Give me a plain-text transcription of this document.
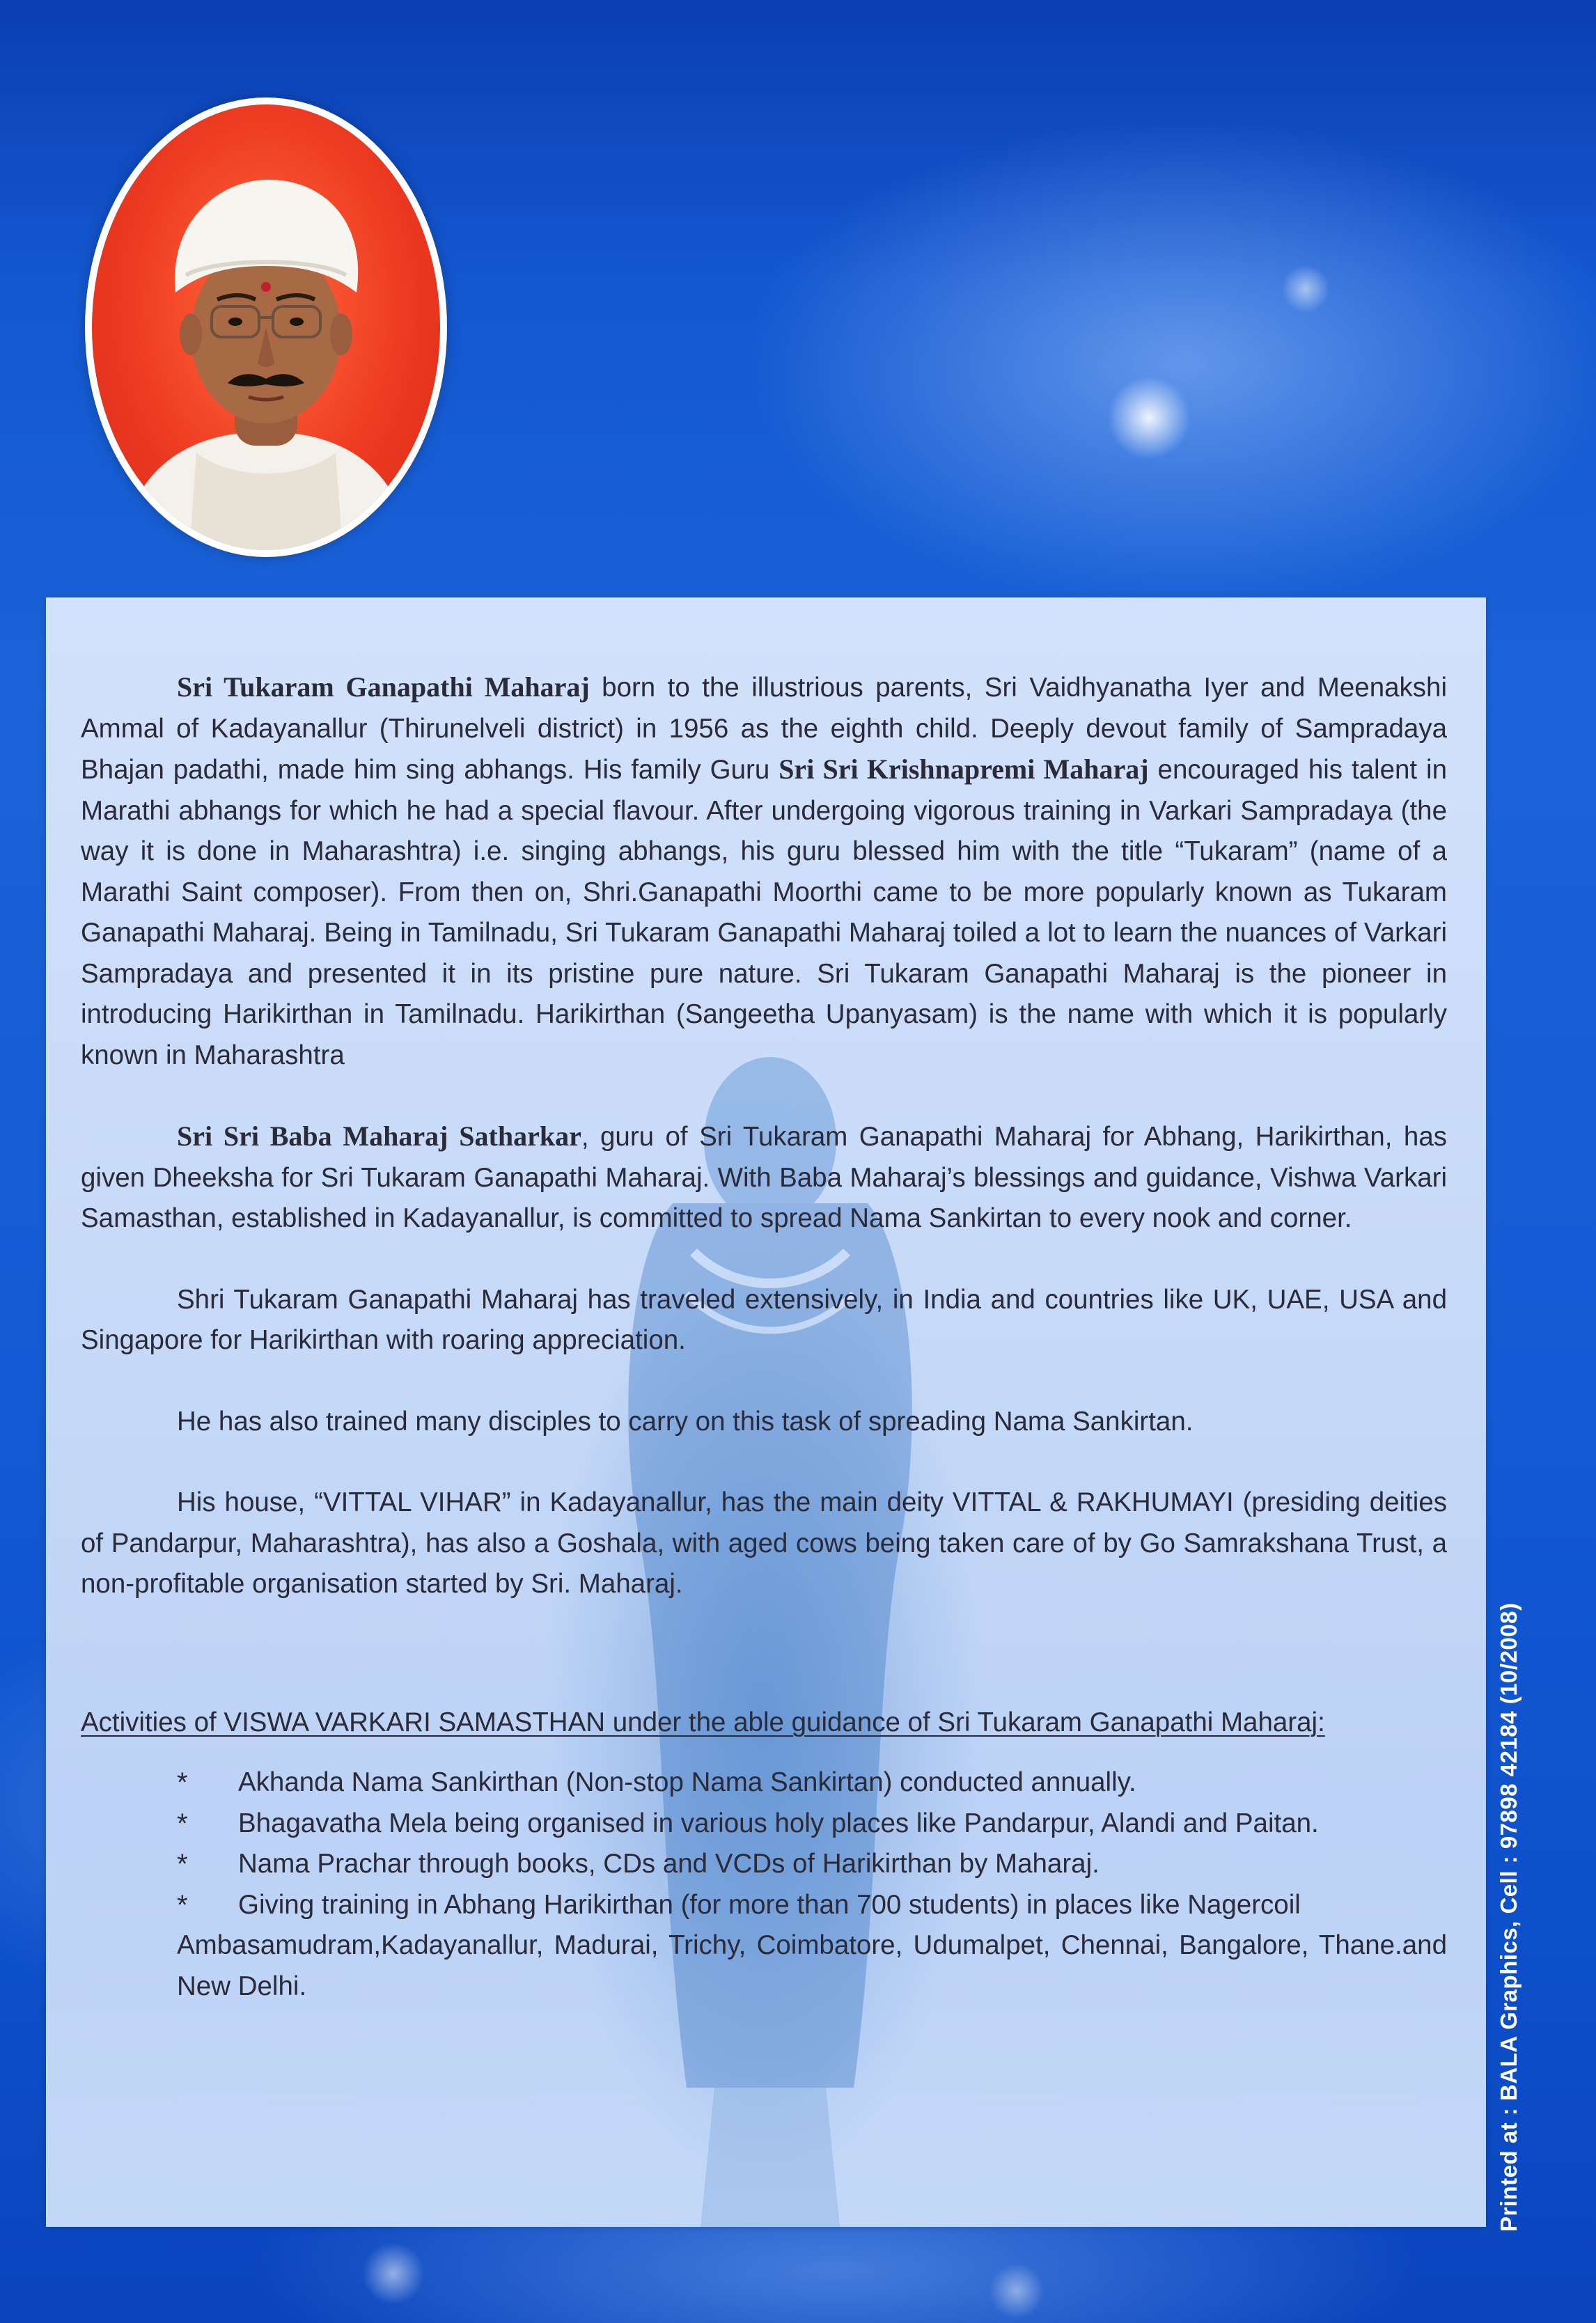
Sri Tukaram Ganapathi Maharaj born to the illustrious parents, Sri Vaidhyanatha Iyer and Meenakshi Ammal of Kadayanallur (Thirunelveli district) in 1956 as the eighth child. Deeply devout family of Sampradaya Bhajan padathi, made him sing abhangs. His family Guru Sri Sri Krishnapremi Maharaj encouraged his talent in Marathi abhangs for which he had a special flavour. After undergoing vigorous training in Varkari Sampradaya (the way it is done in Maharashtra) i.e. singing abhangs, his guru blessed him with the title “Tukaram” (name of a Marathi Saint composer). From then on, Shri.Ganapathi Moorthi came to be more popularly known as Tukaram Ganapathi Maharaj. Being in Tamilnadu, Sri Tukaram Ganapathi Maharaj toiled a lot to learn the nuances of Varkari Sampradaya and presented it in its pristine pure nature. Sri Tukaram Ganapathi Maharaj is the pioneer in introducing Harikirthan in Tamilnadu. Harikirthan (Sangeetha Upanyasam) is the name with which it is popularly known in Maharashtra

Sri Sri Baba Maharaj Satharkar, guru of Sri Tukaram Ganapathi Maharaj for Abhang, Harikirthan, has given Dheeksha for Sri Tukaram Ganapathi Maharaj. With Baba Maharaj’s blessings and guidance, Vishwa Varkari Samasthan, established in Kadayanallur, is committed to spread Nama Sankirtan to every nook and corner.

Shri Tukaram Ganapathi Maharaj has traveled extensively, in India and countries like UK, UAE, USA and Singapore for Harikirthan with roaring appreciation.

He has also trained many disciples to carry on this task of spreading Nama Sankirtan.

His house, “VITTAL VIHAR” in Kadayanallur, has the main deity VITTAL & RAKHUMAYI (presiding deities of Pandarpur, Maharashtra), has also a Goshala, with aged cows being taken care of by Go Samrakshana Trust, a non-profitable organisation started by Sri. Maharaj.

Activities of VISWA VARKARI SAMASTHAN under the able guidance of Sri Tukaram Ganapathi Maharaj:

* Akhanda Nama Sankirthan (Non-stop Nama Sankirtan) conducted annually.
* Bhagavatha Mela being organised in various holy places like Pandarpur, Alandi and Paitan.
* Nama Prachar through books, CDs and VCDs of Harikirthan by Maharaj.
* Giving training in Abhang Harikirthan (for more than 700 students) in places like Nagercoil
Ambasamudram,Kadayanallur, Madurai, Trichy, Coimbatore, Udumalpet, Chennai, Bangalore, Thane.and New Delhi.	Printed at : BALA Graphics, Cell : 97898 42184 (10/2008)
